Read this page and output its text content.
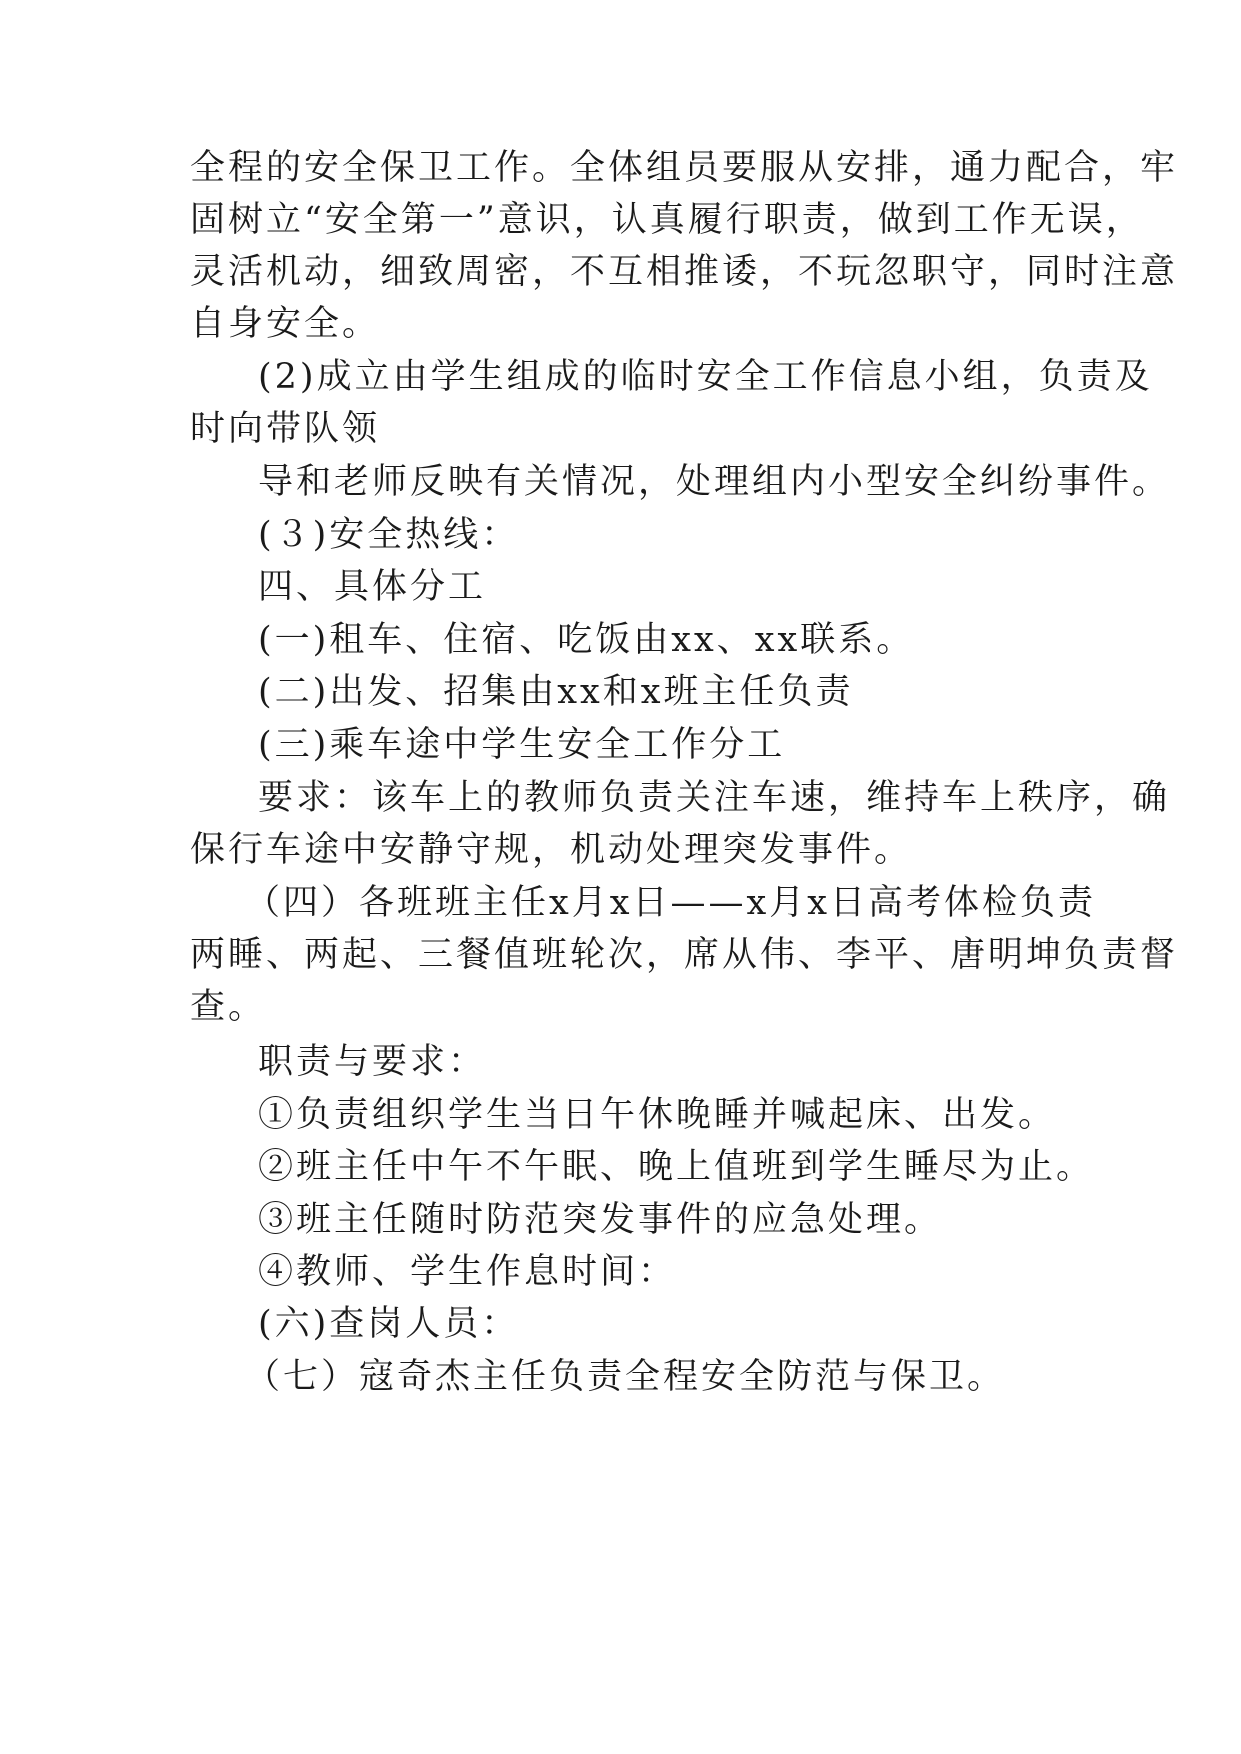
全程的安全保卫工作。全体组员要服从安排，通力配合，牢
固树立“安全第一”意识，认真履行职责，做到工作无误，
灵活机动，细致周密，不互相推诿，不玩忽职守，同时注意
自身安全。
(2)成立由学生组成的临时安全工作信息小组，负责及
时向带队领
导和老师反映有关情况，处理组内小型安全纠纷事件。
(３)安全热线：
四、具体分工
(一)租车、住宿、吃饭由xx、xx联系。
(二)出发、招集由xx和x班主任负责
(三)乘车途中学生安全工作分工
要求：该车上的教师负责关注车速，维持车上秩序，确
保行车途中安静守规，机动处理突发事件。
（四）各班班主任x月x日——x月x日高考体检负责
两睡、两起、三餐值班轮次，席从伟、李平、唐明坤负责督
查。
职责与要求：
①负责组织学生当日午休晚睡并喊起床、出发。
②班主任中午不午眠、晚上值班到学生睡尽为止。
③班主任随时防范突发事件的应急处理。
④教师、学生作息时间：
(六)查岗人员：
（七）寇奇杰主任负责全程安全防范与保卫。
